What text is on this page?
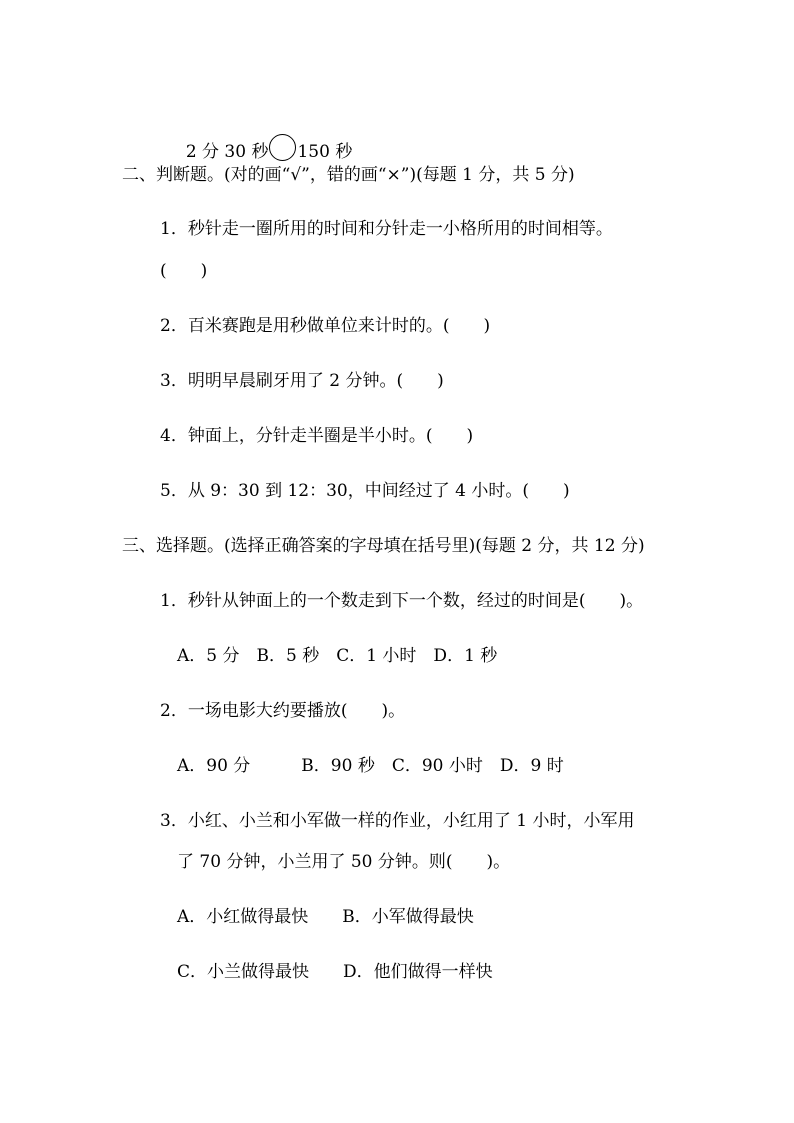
2 分 30 秒 150 秒

二、判断题。(对的画“√”，错的画“×”)(每题 1 分，共 5 分)
1．秒针走一圈所用的时间和分针走一小格所用的时间相等。
(　　)
2．百米赛跑是用秒做单位来计时的。(　　)
3．明明早晨刷牙用了 2 分钟。(　　)
4．钟面上，分针走半圈是半小时。(　　)
5．从 9：30 到 12：30，中间经过了 4 小时。(　　)
三、选择题。(选择正确答案的字母填在括号里)(每题 2 分，共 12 分)
1．秒针从钟面上的一个数走到下一个数，经过的时间是(　　)。
A．5 分　B．5 秒　C．1 小时　D．1 秒
2．一场电影大约要播放(　　)。
A．90 分　　　B．90 秒　C．90 小时　D．9 时
3．小红、小兰和小军做一样的作业，小红用了 1 小时，小军用
了 70 分钟，小兰用了 50 分钟。则(　　)。
A．小红做得最快　　B．小军做得最快
C．小兰做得最快　　D．他们做得一样快
